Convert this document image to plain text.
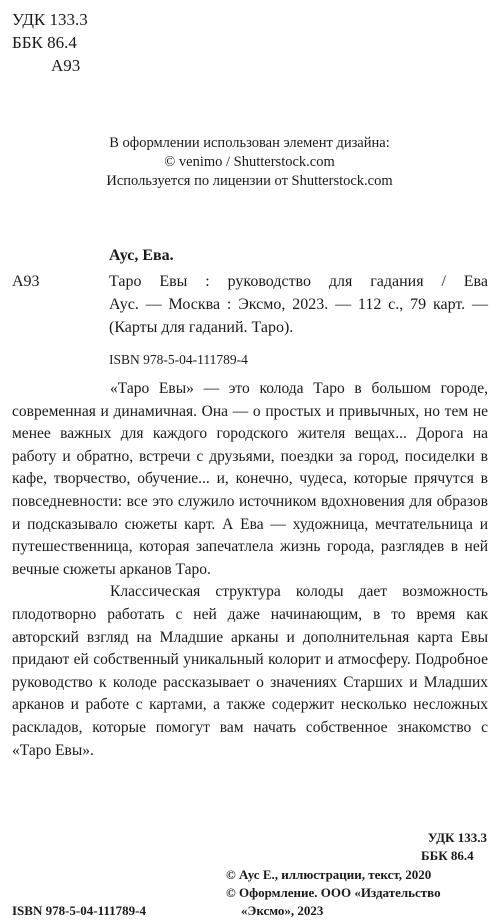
УДК 133.3
ББК 86.4
А93
В оформлении использован элемент дизайна:
© venimo / Shutterstock.com
Используется по лицензии от Shutterstock.com
Аус, Ева.
А93	Таро Евы : руководство для гадания / Ева
Аус. — Москва : Эксмо, 2023. — 112 с., 79 карт. —
(Карты для гаданий. Таро).
ISBN 978-5-04-111789-4

«Таро Евы» — это колода Таро в большом городе, современная и динамичная. Она — о простых и привычных, но тем не менее важных для каждого городского жителя вещах... Дорога на работу и обратно, встречи с друзьями, поездки за город, посиделки в кафе, творчество, обучение... и, конечно, чудеса, которые прячутся в повседневности: все это служило источником вдохновения для образов и подсказывало сюжеты карт. А Ева — художница, мечтательница и путешественница, которая запечатлела жизнь города, разглядев в ней вечные сюжеты арканов Таро.

Классическая структура колоды дает возможность плодотворно работать с ней даже начинающим, в то время как авторский взгляд на Младшие арканы и дополнительная карта Евы придают ей собственный уникальный колорит и атмосферу. Подробное руководство к колоде рассказывает о значениях Старших и Младших арканов и работе с картами, а также содержит несколько несложных раскладов, которые помогут вам начать собственное знакомство с «Таро Евы».

УДК 133.3
ББК 86.4
© Аус Е., иллюстрации, текст, 2020
© Оформление. ООО «Издательство
«Эксмо», 2023
ISBN 978-5-04-111789-4
